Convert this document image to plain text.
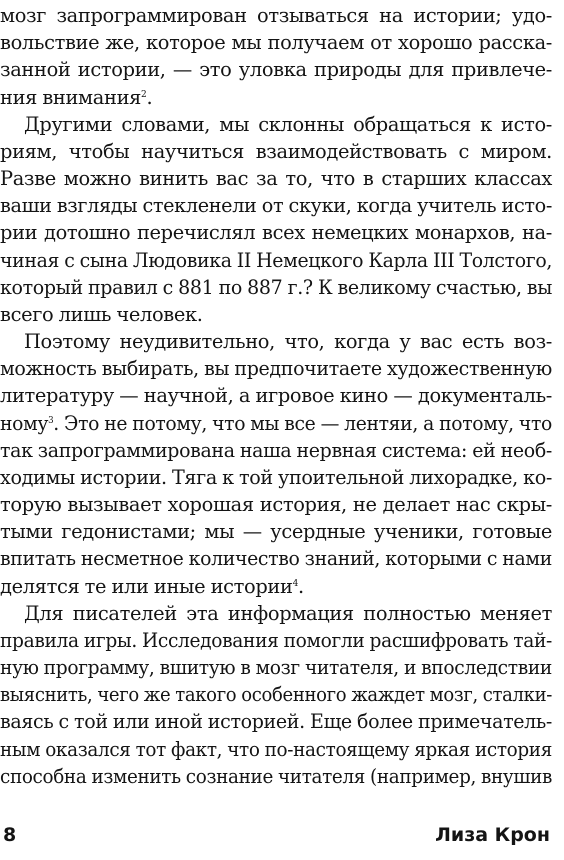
мозг запрограммирован отзываться на истории; удо-
вольствие же, которое мы получаем от хорошо расска-
занной истории, — это уловка природы для привлече-
ния внимания$^2$.
Другими словами, мы склонны обращаться к исто-
риям, чтобы научиться взаимодействовать с миром.
Разве можно винить вас за то, что в старших классах
ваши взгляды стекленели от скуки, когда учитель исто-
рии дотошно перечислял всех немецких монархов, на-
чиная с сына Людовика II Немецкого Карла III Толстого,
который правил с 881 по 887 г.? К великому счастью, вы
всего лишь человек.
Поэтому неудивительно, что, когда у вас есть воз-
можность выбирать, вы предпочитаете художественную
литературу — научной, а игровое кино — документаль-
ному$^3$. Это не потому, что мы все — лентяи, а потому, что
так запрограммирована наша нервная система: ей необ-
ходимы истории. Тяга к той упоительной лихорадке, ко-
торую вызывает хорошая история, не делает нас скры-
тыми гедонистами; мы — усердные ученики, готовые
впитать несметное количество знаний, которыми с нами
делятся те или иные истории$^4$.
Для писателей эта информация полностью меняет
правила игры. Исследования помогли расшифровать тай-
ную программу, вшитую в мозг читателя, и впоследствии
выяснить, чего же такого особенного жаждет мозг, сталки-
ваясь с той или иной историей. Еще более примечатель-
ным оказался тот факт, что по-настоящему яркая история
способна изменить сознание читателя (например, внушив
8	Лиза Крон
